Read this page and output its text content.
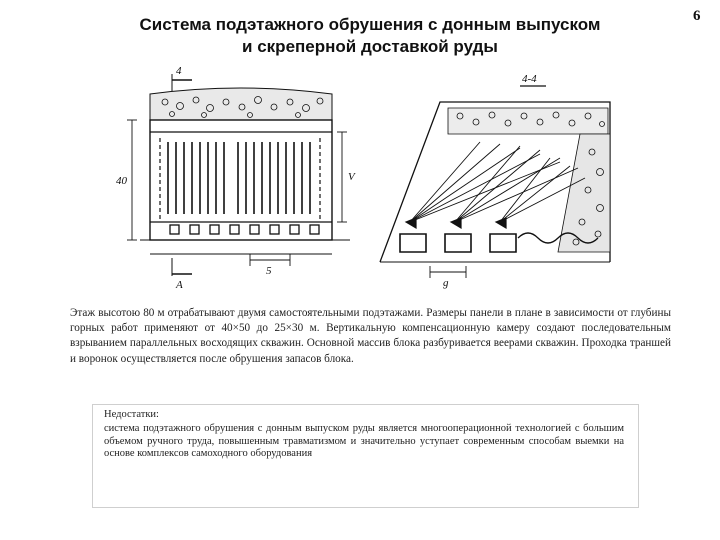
6
Система подэтажного обрушения с донным выпуском
и скреперной доставкой руды
4
A
40	V
5
4-4
g
Этаж высотою 80 м отрабатывают двумя самостоятельными подэтажами. Размеры панели в плане в зависимости от глубины горных работ применяют от 40×50 до 25×30 м. Вертикальную компенсационную камеру создают последовательным взрыванием параллельных восходящих скважин. Основной массив блока разбуривается веерами скважин. Проходка траншей и воронок осуществляется после обрушения запасов блока.
Недостатки:
система подэтажного обрушения с донным выпуском руды является многооперационной технологией с большим объемом ручного труда, повышенным травматизмом и значительно уступает современным способам выемки на основе комплексов самоходного оборудования
